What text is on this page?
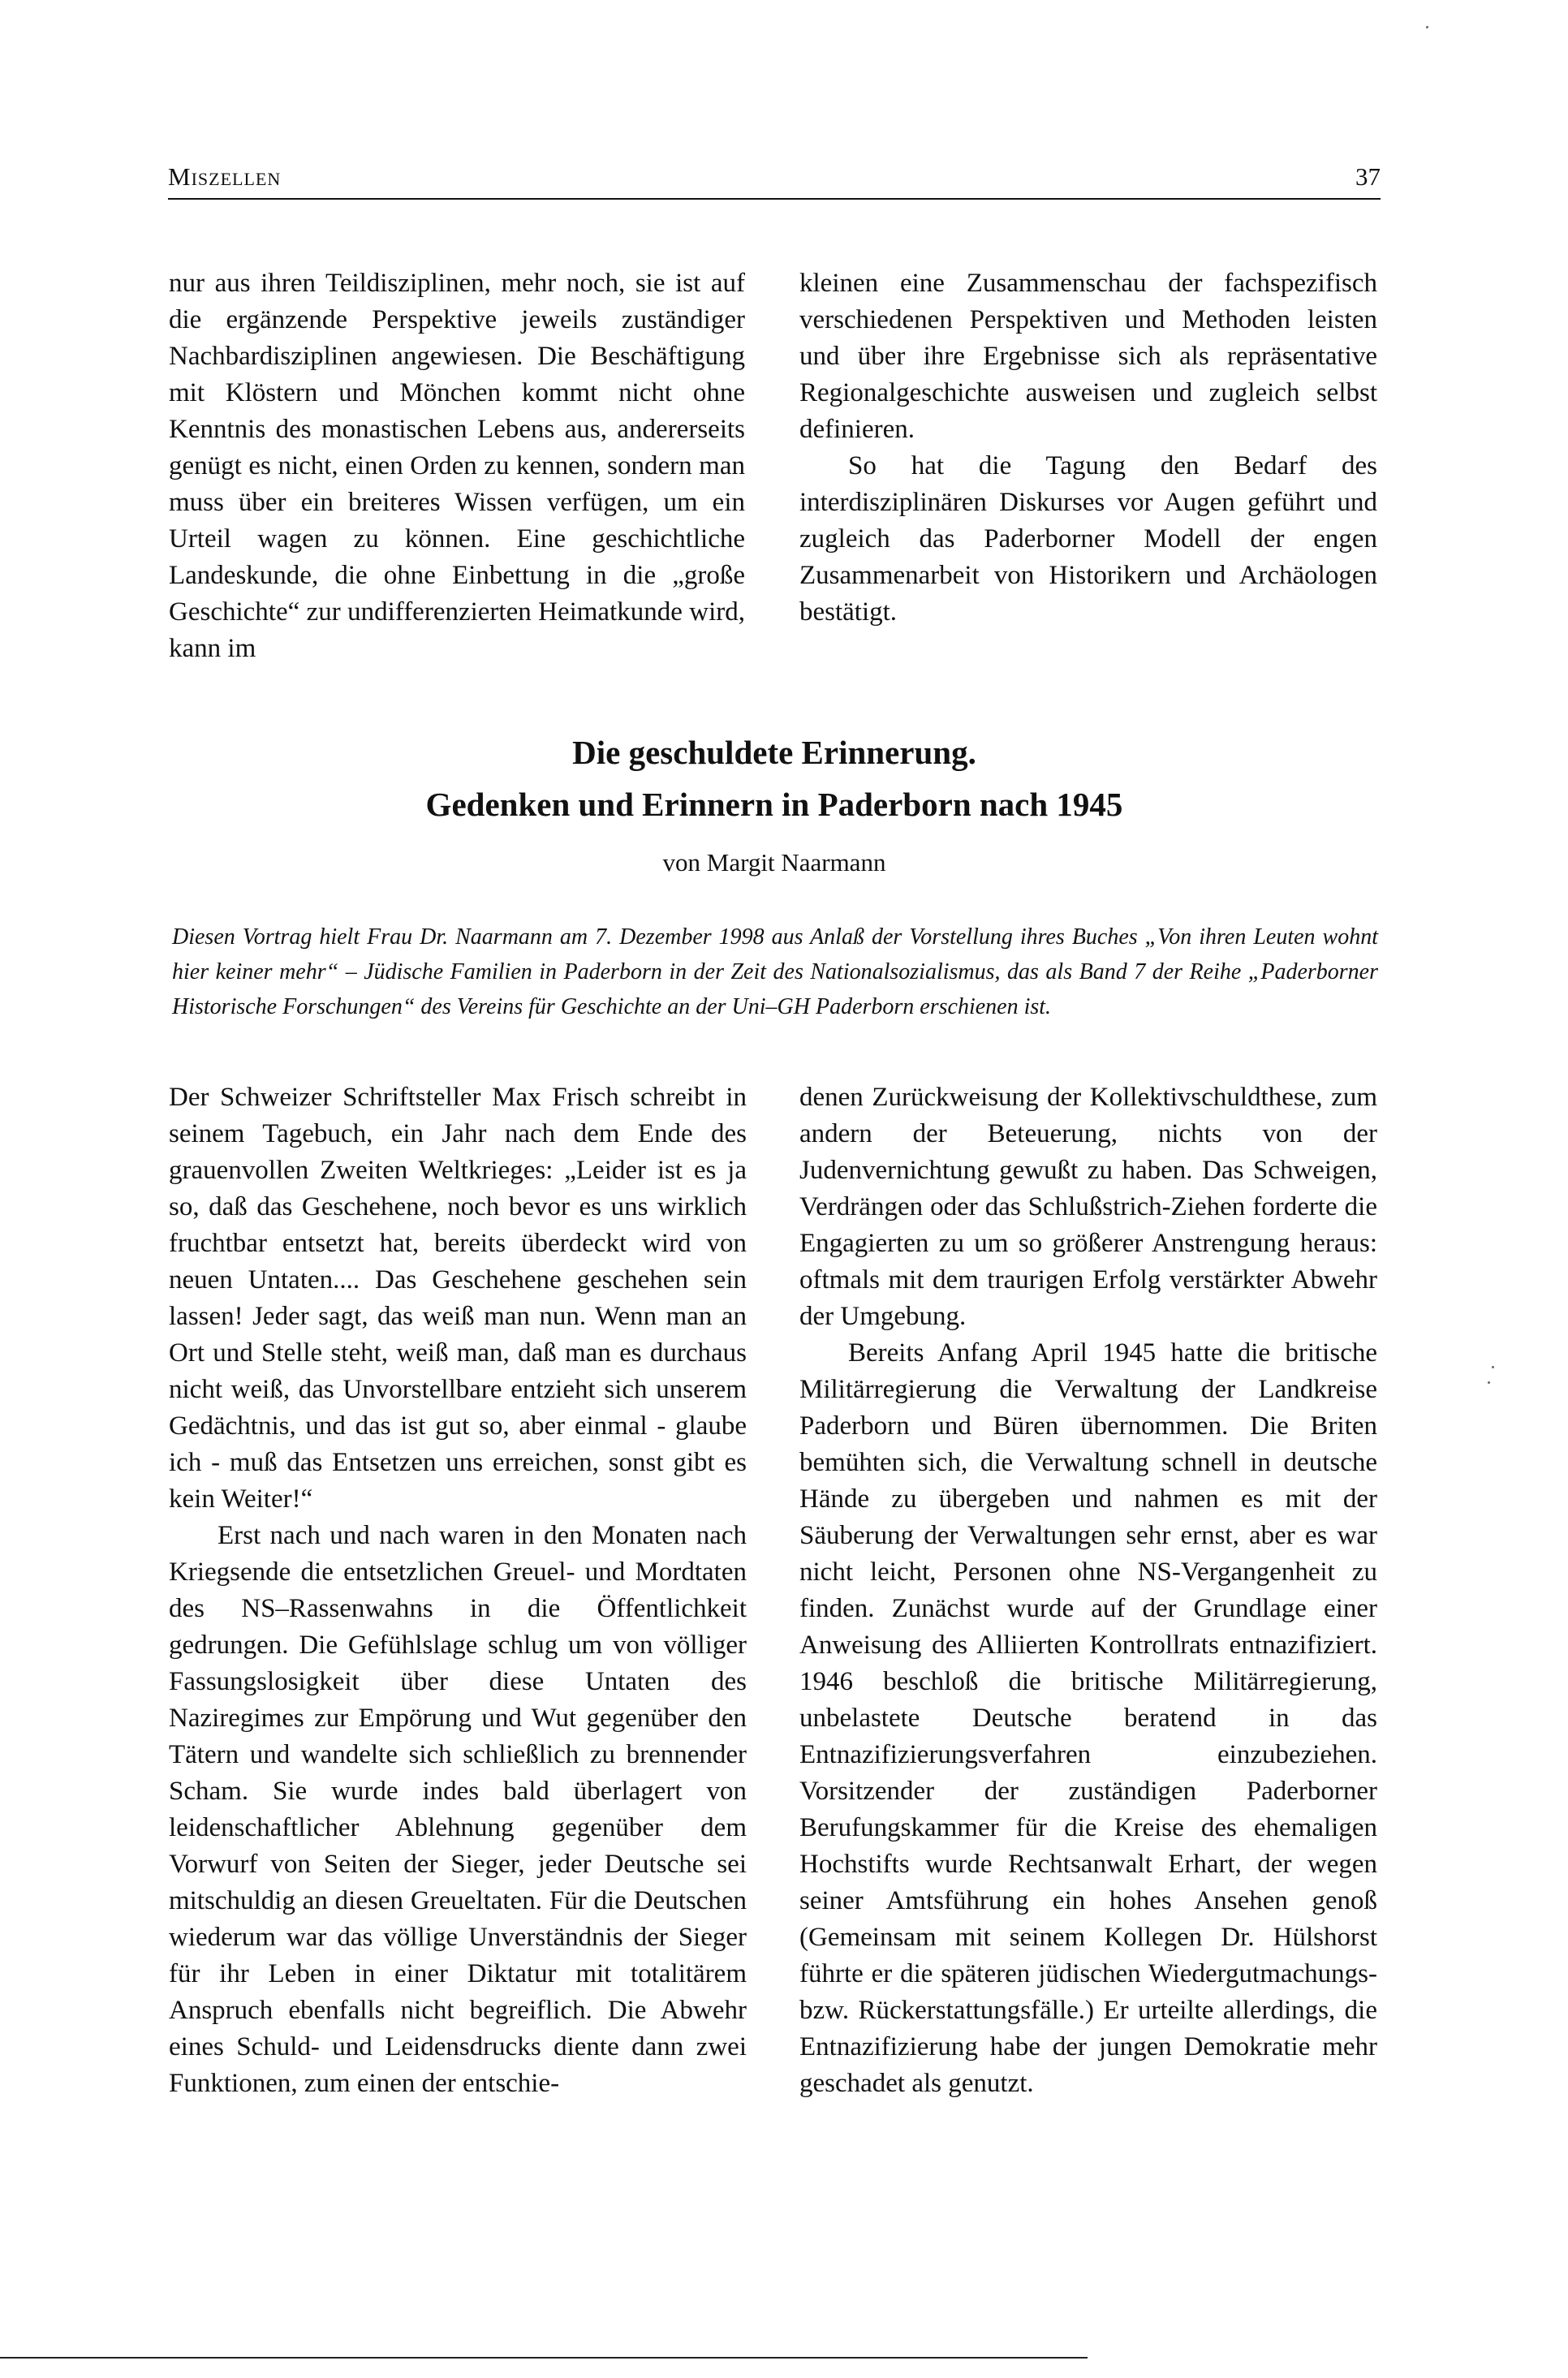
Miszellen	37

nur aus ihren Teildisziplinen, mehr noch, sie ist auf die ergänzende Perspektive jeweils zuständiger Nachbardisziplinen angewiesen. Die Beschäftigung mit Klöstern und Mönchen kommt nicht ohne Kenntnis des monastischen Lebens aus, andererseits genügt es nicht, einen Orden zu kennen, sondern man muss über ein breiteres Wissen verfügen, um ein Urteil wagen zu können. Eine geschichtliche Landeskunde, die ohne Einbettung in die „große Geschichte“ zur undifferenzierten Heimatkunde wird, kann im

kleinen eine Zusammenschau der fachspezifisch verschiedenen Perspektiven und Methoden leisten und über ihre Ergebnisse sich als repräsentative Regionalgeschichte ausweisen und zugleich selbst definieren.

So hat die Tagung den Bedarf des interdisziplinären Diskurses vor Augen geführt und zugleich das Paderborner Modell der engen Zusammenarbeit von Historikern und Archäologen bestätigt.

Die geschuldete Erinnerung.
Gedenken und Erinnern in Paderborn nach 1945

von Margit Naarmann

Diesen Vortrag hielt Frau Dr. Naarmann am 7. Dezember 1998 aus Anlaß der Vorstellung ihres Buches „Von ihren Leuten wohnt hier keiner mehr“ – Jüdische Familien in Paderborn in der Zeit des Nationalsozialismus, das als Band 7 der Reihe „Paderborner Historische Forschungen“ des Vereins für Geschichte an der Uni–GH Paderborn erschienen ist.

Der Schweizer Schriftsteller Max Frisch schreibt in seinem Tagebuch, ein Jahr nach dem Ende des grauenvollen Zweiten Weltkrieges: „Leider ist es ja so, daß das Geschehene, noch bevor es uns wirklich fruchtbar entsetzt hat, bereits überdeckt wird von neuen Untaten.... Das Geschehene geschehen sein lassen! Jeder sagt, das weiß man nun. Wenn man an Ort und Stelle steht, weiß man, daß man es durchaus nicht weiß, das Unvorstellbare entzieht sich unserem Gedächtnis, und das ist gut so, aber einmal - glaube ich - muß das Entsetzen uns erreichen, sonst gibt es kein Weiter!“

Erst nach und nach waren in den Monaten nach Kriegsende die entsetzlichen Greuel- und Mordtaten des NS–Rassenwahns in die Öffentlichkeit gedrungen. Die Gefühlslage schlug um von völliger Fassungslosigkeit über diese Untaten des Naziregimes zur Empörung und Wut gegenüber den Tätern und wandelte sich schließlich zu brennender Scham. Sie wurde indes bald überlagert von leidenschaftlicher Ablehnung gegenüber dem Vorwurf von Seiten der Sieger, jeder Deutsche sei mitschuldig an diesen Greueltaten. Für die Deutschen wiederum war das völlige Unverständnis der Sieger für ihr Leben in einer Diktatur mit totalitärem Anspruch ebenfalls nicht begreiflich. Die Abwehr eines Schuld- und Leidensdrucks diente dann zwei Funktionen, zum einen der entschie-

denen Zurückweisung der Kollektivschuldthese, zum andern der Beteuerung, nichts von der Judenvernichtung gewußt zu haben. Das Schweigen, Verdrängen oder das Schlußstrich-Ziehen forderte die Engagierten zu um so größerer Anstrengung heraus: oftmals mit dem traurigen Erfolg verstärkter Abwehr der Umgebung.

Bereits Anfang April 1945 hatte die britische Militärregierung die Verwaltung der Landkreise Paderborn und Büren übernommen. Die Briten bemühten sich, die Verwaltung schnell in deutsche Hände zu übergeben und nahmen es mit der Säuberung der Verwaltungen sehr ernst, aber es war nicht leicht, Personen ohne NS-Vergangenheit zu finden. Zunächst wurde auf der Grundlage einer Anweisung des Alliierten Kontrollrats entnazifiziert. 1946 beschloß die britische Militärregierung, unbelastete Deutsche beratend in das Entnazifizierungsverfahren einzubeziehen. Vorsitzender der zuständigen Paderborner Berufungskammer für die Kreise des ehemaligen Hochstifts wurde Rechtsanwalt Erhart, der wegen seiner Amtsführung ein hohes Ansehen genoß (Gemeinsam mit seinem Kollegen Dr. Hülshorst führte er die späteren jüdischen Wiedergutmachungs- bzw. Rückerstattungsfälle.) Er urteilte allerdings, die Entnazifizierung habe der jungen Demokratie mehr geschadet als genutzt.
